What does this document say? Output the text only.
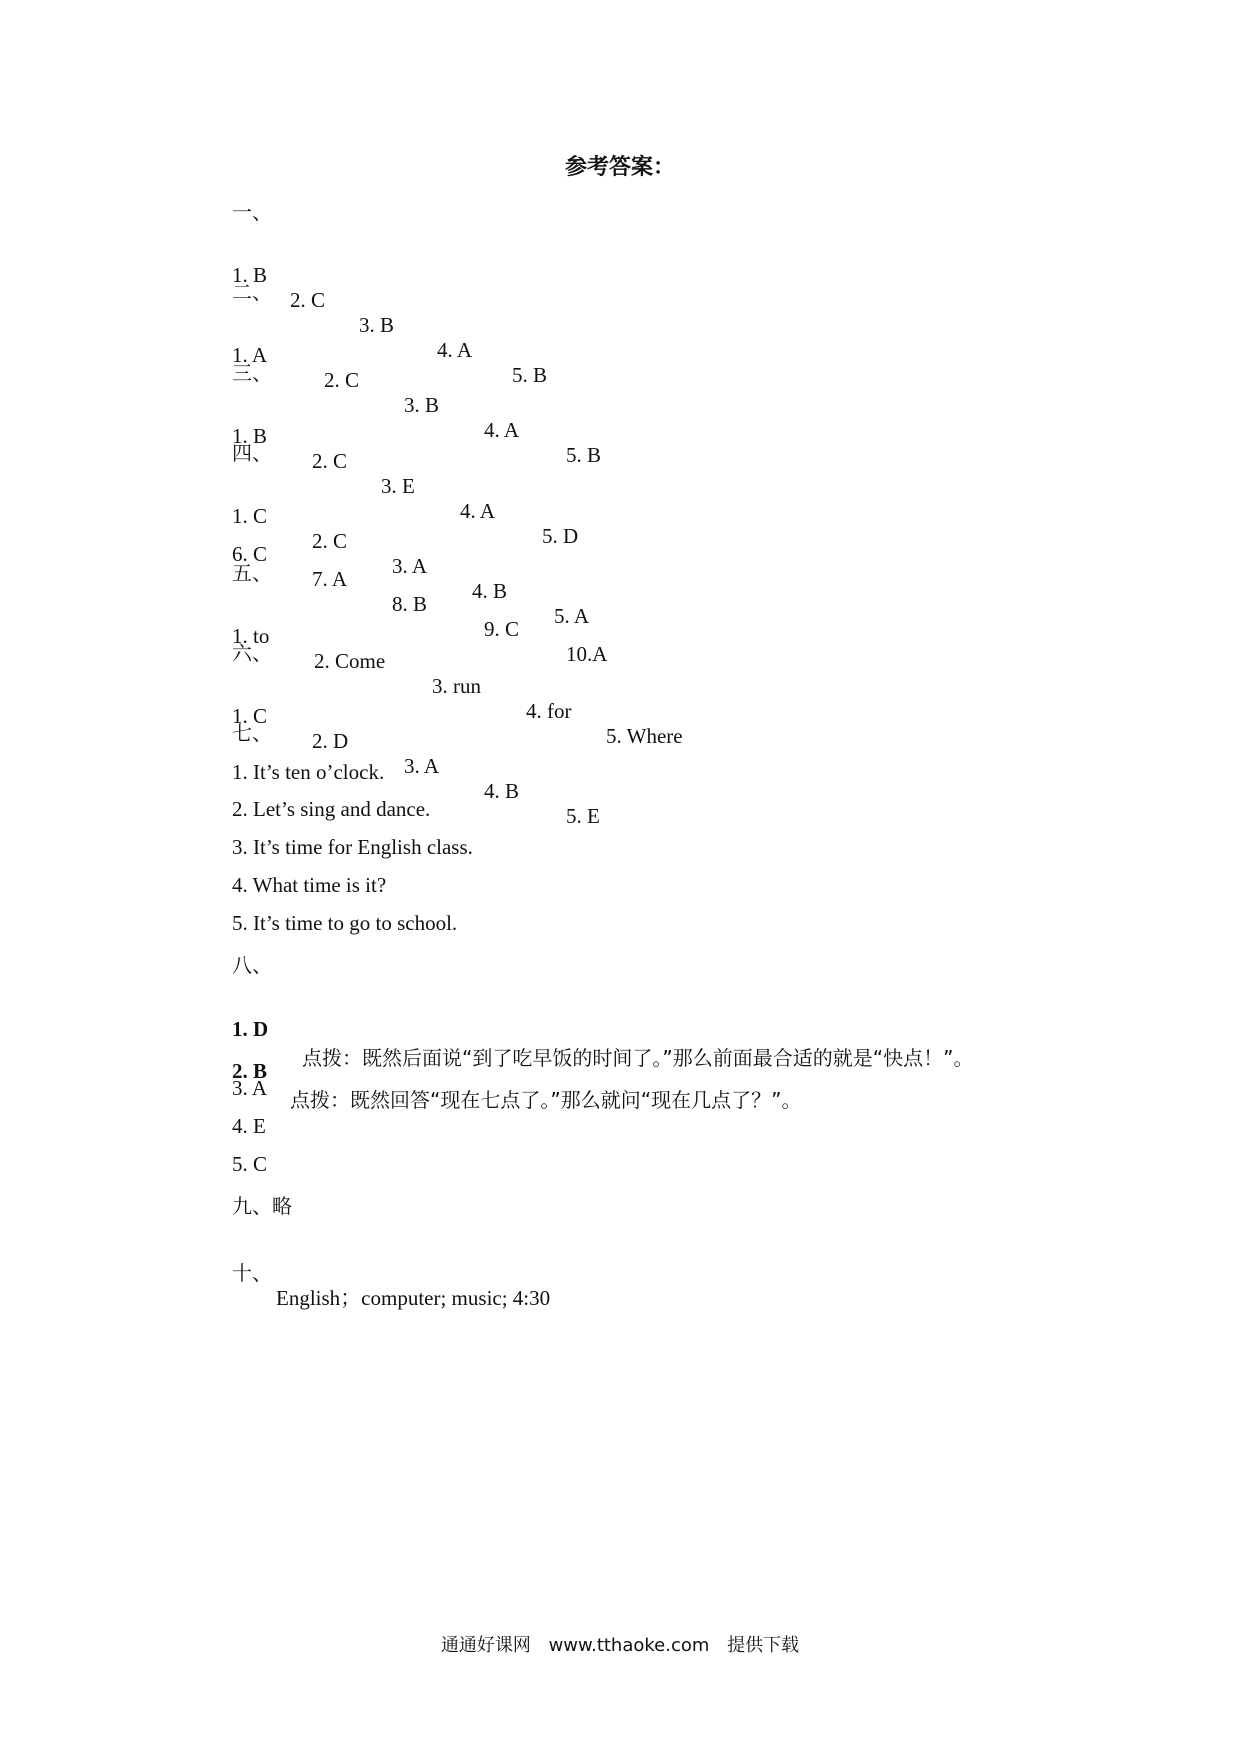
参考答案：
一、

1. B

2. C

3. B

4. A

5. B

二、

1. A

2. C

3. B

4. A

5. B

三、

1. B

2. C

3. E

4. A

5. D

四、

1. C

2. C

3. A

4. B

5. A

6. C

7. A

8. B

9. C

10.A

五、

1. to

2. Come

3. run

4. for

5. Where

六、

1. C

2. D

3. A

4. B

5. E

七、
1. It’s ten o’clock.
2. Let’s sing and dance.
3. It’s time for English class.
4. What time is it?
5. It’s time to go to school.
八、

1. D

点拨：既然后面说“到了吃早饭的时间了。”那么前面最合适的就是“快点！”。

2. B

点拨：既然回答“现在七点了。”那么就问“现在几点了？”。

3. A
4. E
5. C
九、略

十、

English；computer; music; 4:30

通通好课网 www.tthaoke.com 提供下载
